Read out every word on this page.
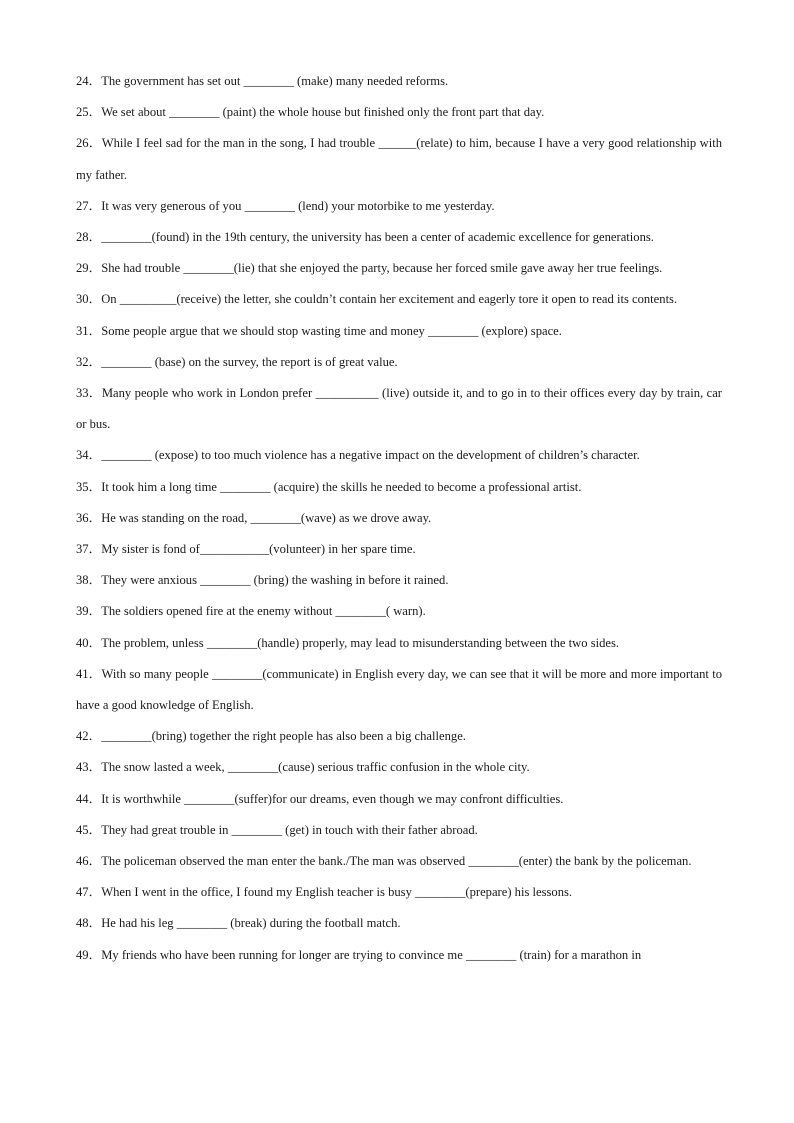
24．The government has set out ________ (make) many needed reforms.

25．We set about ________ (paint) the whole house but finished only the front part that day.

26．While I feel sad for the man in the song, I had trouble ______(relate) to him, because I have a very good relationship with my father.

27．It was very generous of you ________ (lend) your motorbike to me yesterday.

28．________(found) in the 19th century, the university has been a center of academic excellence for generations.

29．She had trouble ________(lie) that she enjoyed the party, because her forced smile gave away her true feelings.

30．On _________(receive) the letter, she couldn’t contain her excitement and eagerly tore it open to read its contents.

31．Some people argue that we should stop wasting time and money ________ (explore) space.

32．________ (base) on the survey, the report is of great value.

33．Many people who work in London prefer __________ (live) outside it, and to go in to their offices every day by train, car or bus.

34．________ (expose) to too much violence has a negative impact on the development of children’s character.

35．It took him a long time ________ (acquire) the skills he needed to become a professional artist.

36．He was standing on the road, ________(wave) as we drove away.

37．My sister is fond of___________(volunteer) in her spare time.

38．They were anxious ________ (bring) the washing in before it rained.

39．The soldiers opened fire at the enemy without ________( warn).

40．The problem, unless ________(handle) properly, may lead to misunderstanding between the two sides.

41．With so many people ________(communicate) in English every day, we can see that it will be more and more important to have a good knowledge of English.

42．________(bring) together the right people has also been a big challenge.

43．The snow lasted a week, ________(cause) serious traffic confusion in the whole city.

44．It is worthwhile ________(suffer)for our dreams, even though we may confront difficulties.

45．They had great trouble in ________ (get) in touch with their father abroad.

46．The policeman observed the man enter the bank./The man was observed ________(enter) the bank by the policeman.

47．When I went in the office, I found my English teacher is busy ________(prepare) his lessons.

48．He had his leg ________ (break) during the football match.

49．My friends who have been running for longer are trying to convince me ________ (train) for a marathon in
